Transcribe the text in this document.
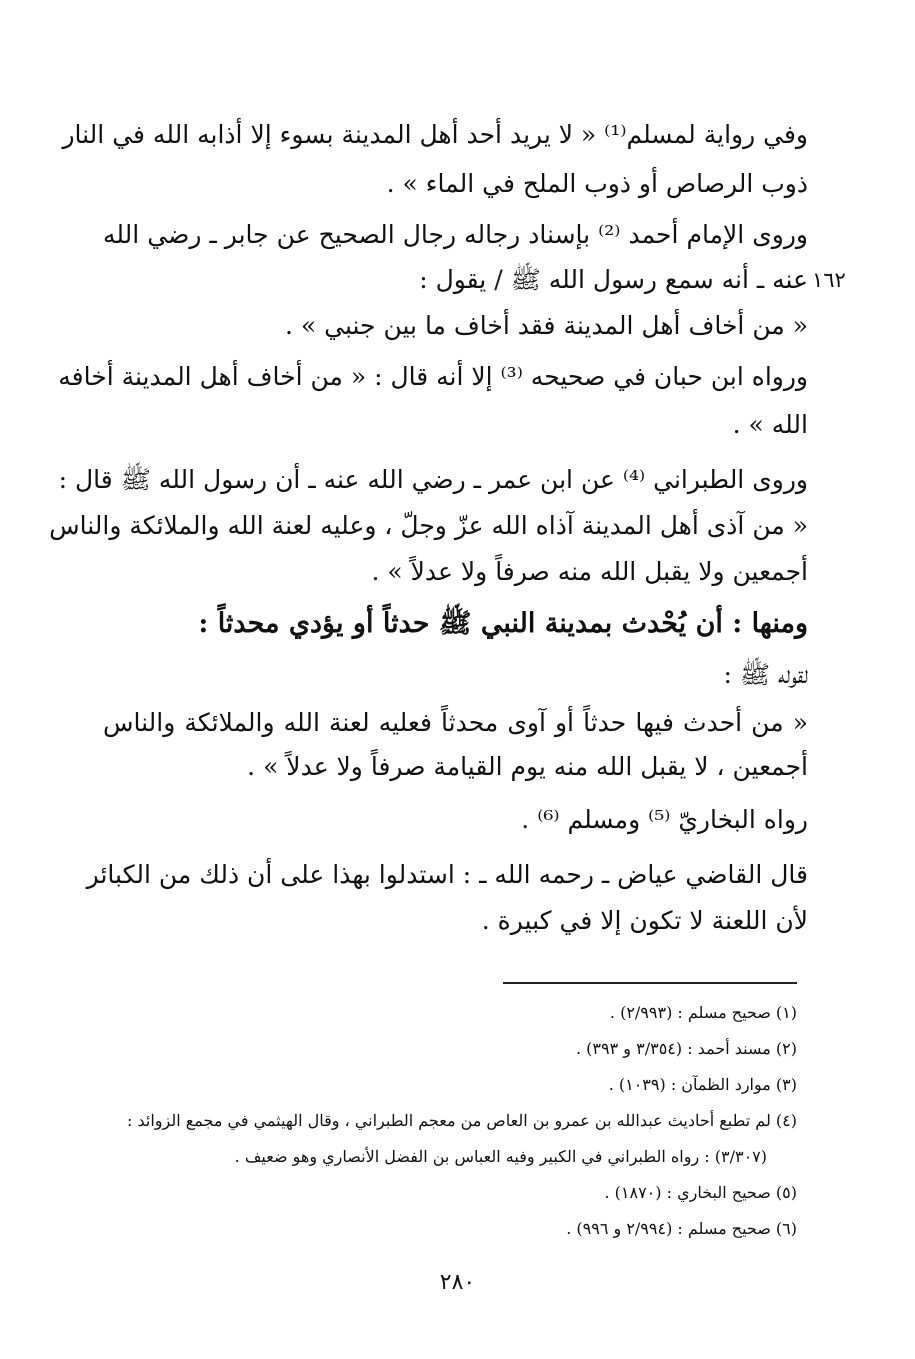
١٦٢
وفي رواية لمسلم⁽¹⁾ « لا يريد أحد أهل المدينة بسوء إلا أذابه الله في النار
ذوب الرصاص أو ذوب الملح في الماء » .
وروى الإمام أحمد ⁽²⁾ بإسناد رجاله رجال الصحيح عن جابر ـ رضي الله
عنه ـ أنه سمع رسول الله ﷺ / يقول :
« من أخاف أهل المدينة فقد أخاف ما بين جنبي » .
ورواه ابن حبان في صحيحه ⁽³⁾ إلا أنه قال : « من أخاف أهل المدينة أخافه
الله » .
وروى الطبراني ⁽⁴⁾ عن ابن عمر ـ رضي الله عنه ـ أن رسول الله ﷺ قال :
« من آذى أهل المدينة آذاه الله عزّ وجلّ ، وعليه لعنة الله والملائكة والناس
أجمعين ولا يقبل الله منه صرفاً ولا عدلاً » .
ومنها : أن يُحْدث بمدينة النبي ﷺ حدثاً أو يؤدي محدثاً :
لقوله ﷺ :
« من أحدث فيها حدثاً أو آوى محدثاً فعليه لعنة الله والملائكة والناس
أجمعين ، لا يقبل الله منه يوم القيامة صرفاً ولا عدلاً » .
رواه البخاريّ ⁽⁵⁾ ومسلم ⁽⁶⁾ .
قال القاضي عياض ـ رحمه الله ـ : استدلوا بهذا على أن ذلك من الكبائر
لأن اللعنة لا تكون إلا في كبيرة .
(١) صحيح مسلم : (٢/٩٩٣) .
(٢) مسند أحمد : (٣/٣٥٤ و ٣٩٣) .
(٣) موارد الظمآن : (١٠٣٩) .
(٤) لم تطبع أحاديث عبدالله بن عمرو بن العاص من معجم الطبراني ، وقال الهيثمي في مجمع الزوائد :
(٣/٣٠٧) : رواه الطبراني في الكبير وفيه العباس بن الفضل الأنصاري وهو ضعيف .
(٥) صحيح البخاري : (١٨٧٠) .
(٦) صحيح مسلم : (٢/٩٩٤ و ٩٩٦) .
٢٨٠
